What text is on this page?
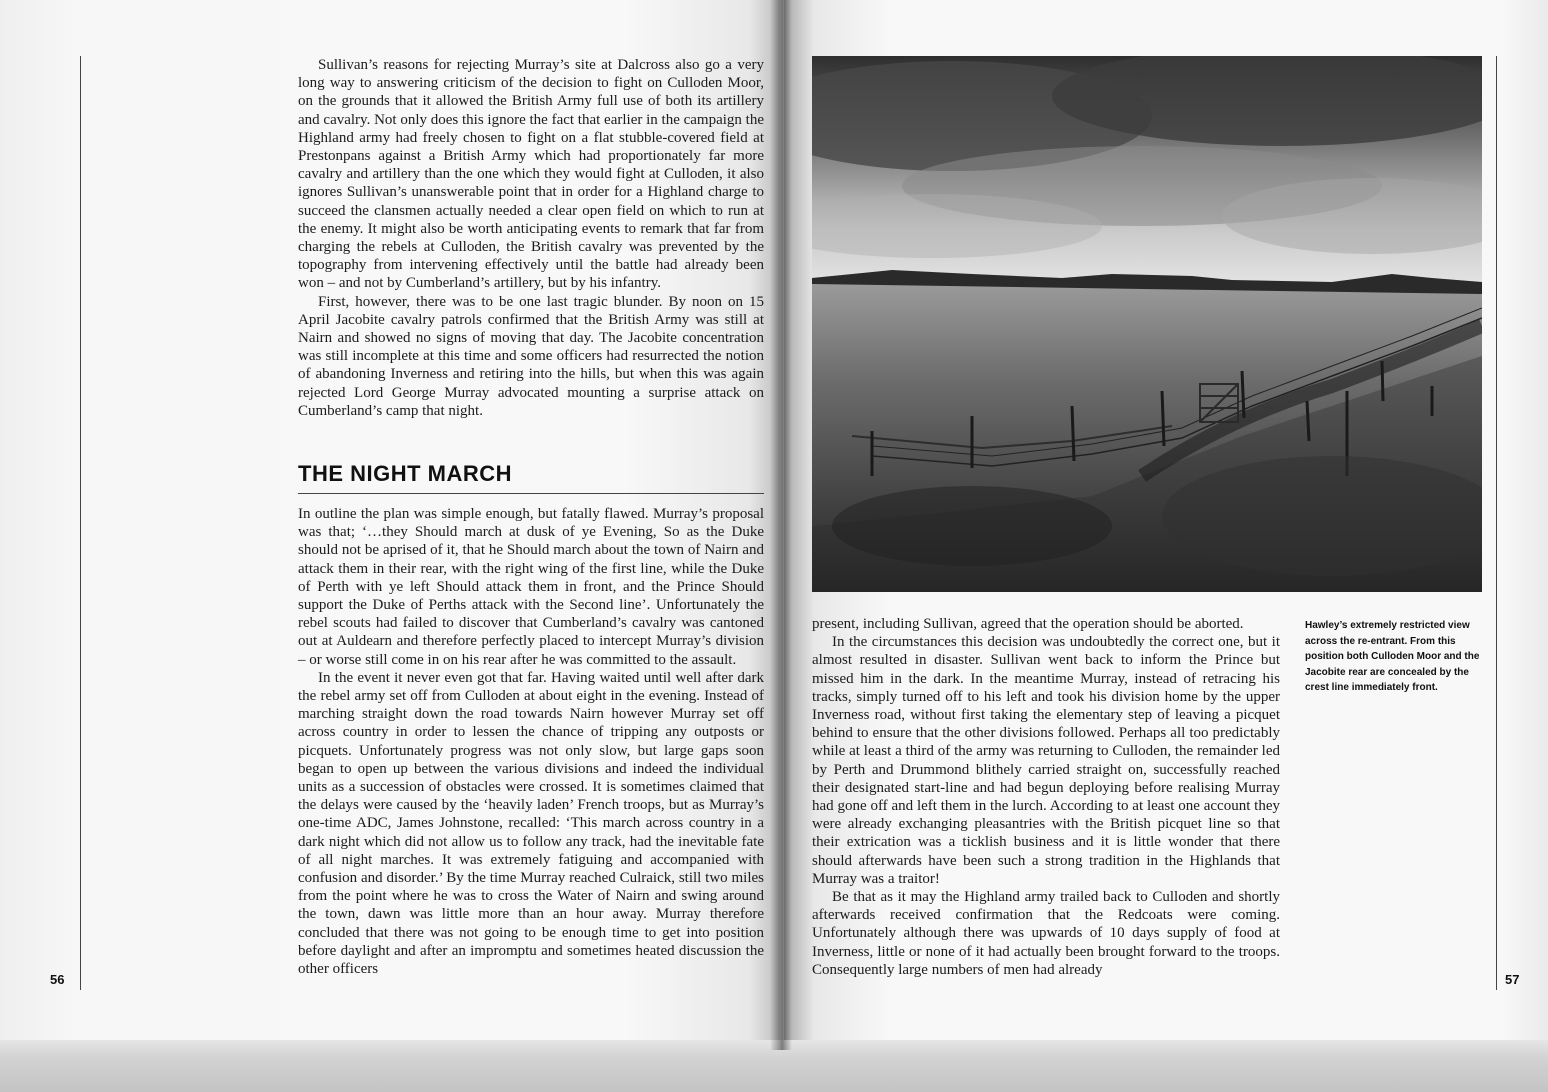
56	57

Sullivan’s reasons for rejecting Murray’s site at Dalcross also go a very long way to answering criticism of the decision to fight on Culloden Moor, on the grounds that it allowed the British Army full use of both its artillery and cavalry. Not only does this ignore the fact that earlier in the campaign the Highland army had freely chosen to fight on a flat stubble-covered field at Prestonpans against a British Army which had proportionately far more cavalry and artillery than the one which they would fight at Culloden, it also ignores Sullivan’s unanswerable point that in order for a Highland charge to succeed the clansmen actually needed a clear open field on which to run at the enemy. It might also be worth anticipating events to remark that far from charging the rebels at Culloden, the British cavalry was prevented by the topography from intervening effectively until the battle had already been won – and not by Cumberland’s artillery, but by his infantry.

First, however, there was to be one last tragic blunder. By noon on 15 April Jacobite cavalry patrols confirmed that the British Army was still at Nairn and showed no signs of moving that day. The Jacobite concentration was still incomplete at this time and some officers had resurrected the notion of abandoning Inverness and retiring into the hills, but when this was again rejected Lord George Murray advocated mounting a surprise attack on Cumberland’s camp that night.

THE NIGHT MARCH

In outline the plan was simple enough, but fatally flawed. Murray’s proposal was that; ‘…they Should march at dusk of ye Evening, So as the Duke should not be aprised of it, that he Should march about the town of Nairn and attack them in their rear, with the right wing of the first line, while the Duke of Perth with ye left Should attack them in front, and the Prince Should support the Duke of Perths attack with the Second line’. Unfortunately the rebel scouts had failed to discover that Cumberland’s cavalry was cantoned out at Auldearn and therefore perfectly placed to intercept Murray’s division – or worse still come in on his rear after he was committed to the assault.

In the event it never even got that far. Having waited until well after dark the rebel army set off from Culloden at about eight in the evening. Instead of marching straight down the road towards Nairn however Murray set off across country in order to lessen the chance of tripping any outposts or picquets. Unfortunately progress was not only slow, but large gaps soon began to open up between the various divisions and indeed the individual units as a succession of obstacles were crossed. It is sometimes claimed that the delays were caused by the ‘heavily laden’ French troops, but as Murray’s one-time ADC, James Johnstone, recalled: ‘This march across country in a dark night which did not allow us to follow any track, had the inevitable fate of all night marches. It was extremely fatiguing and accompanied with confusion and disorder.’ By the time Murray reached Culraick, still two miles from the point where he was to cross the Water of Nairn and swing around the town, dawn was little more than an hour away. Murray therefore concluded that there was not going to be enough time to get into position before daylight and after an impromptu and sometimes heated discussion the other officers

Hawley’s extremely restricted view across the re-entrant. From this position both Culloden Moor and the Jacobite rear are concealed by the crest line immediately front.

present, including Sullivan, agreed that the operation should be aborted.

In the circumstances this decision was undoubtedly the correct one, but it almost resulted in disaster. Sullivan went back to inform the Prince but missed him in the dark. In the meantime Murray, instead of retracing his tracks, simply turned off to his left and took his division home by the upper Inverness road, without first taking the elementary step of leaving a picquet behind to ensure that the other divisions followed. Perhaps all too predictably while at least a third of the army was returning to Culloden, the remainder led by Perth and Drummond blithely carried straight on, successfully reached their designated start-line and had begun deploying before realising Murray had gone off and left them in the lurch. According to at least one account they were already exchanging pleasantries with the British picquet line so that their extrication was a ticklish business and it is little wonder that there should afterwards have been such a strong tradition in the Highlands that Murray was a traitor!

Be that as it may the Highland army trailed back to Culloden and shortly afterwards received confirmation that the Redcoats were coming. Unfortunately although there was upwards of 10 days supply of food at Inverness, little or none of it had actually been brought forward to the troops. Consequently large numbers of men had already
